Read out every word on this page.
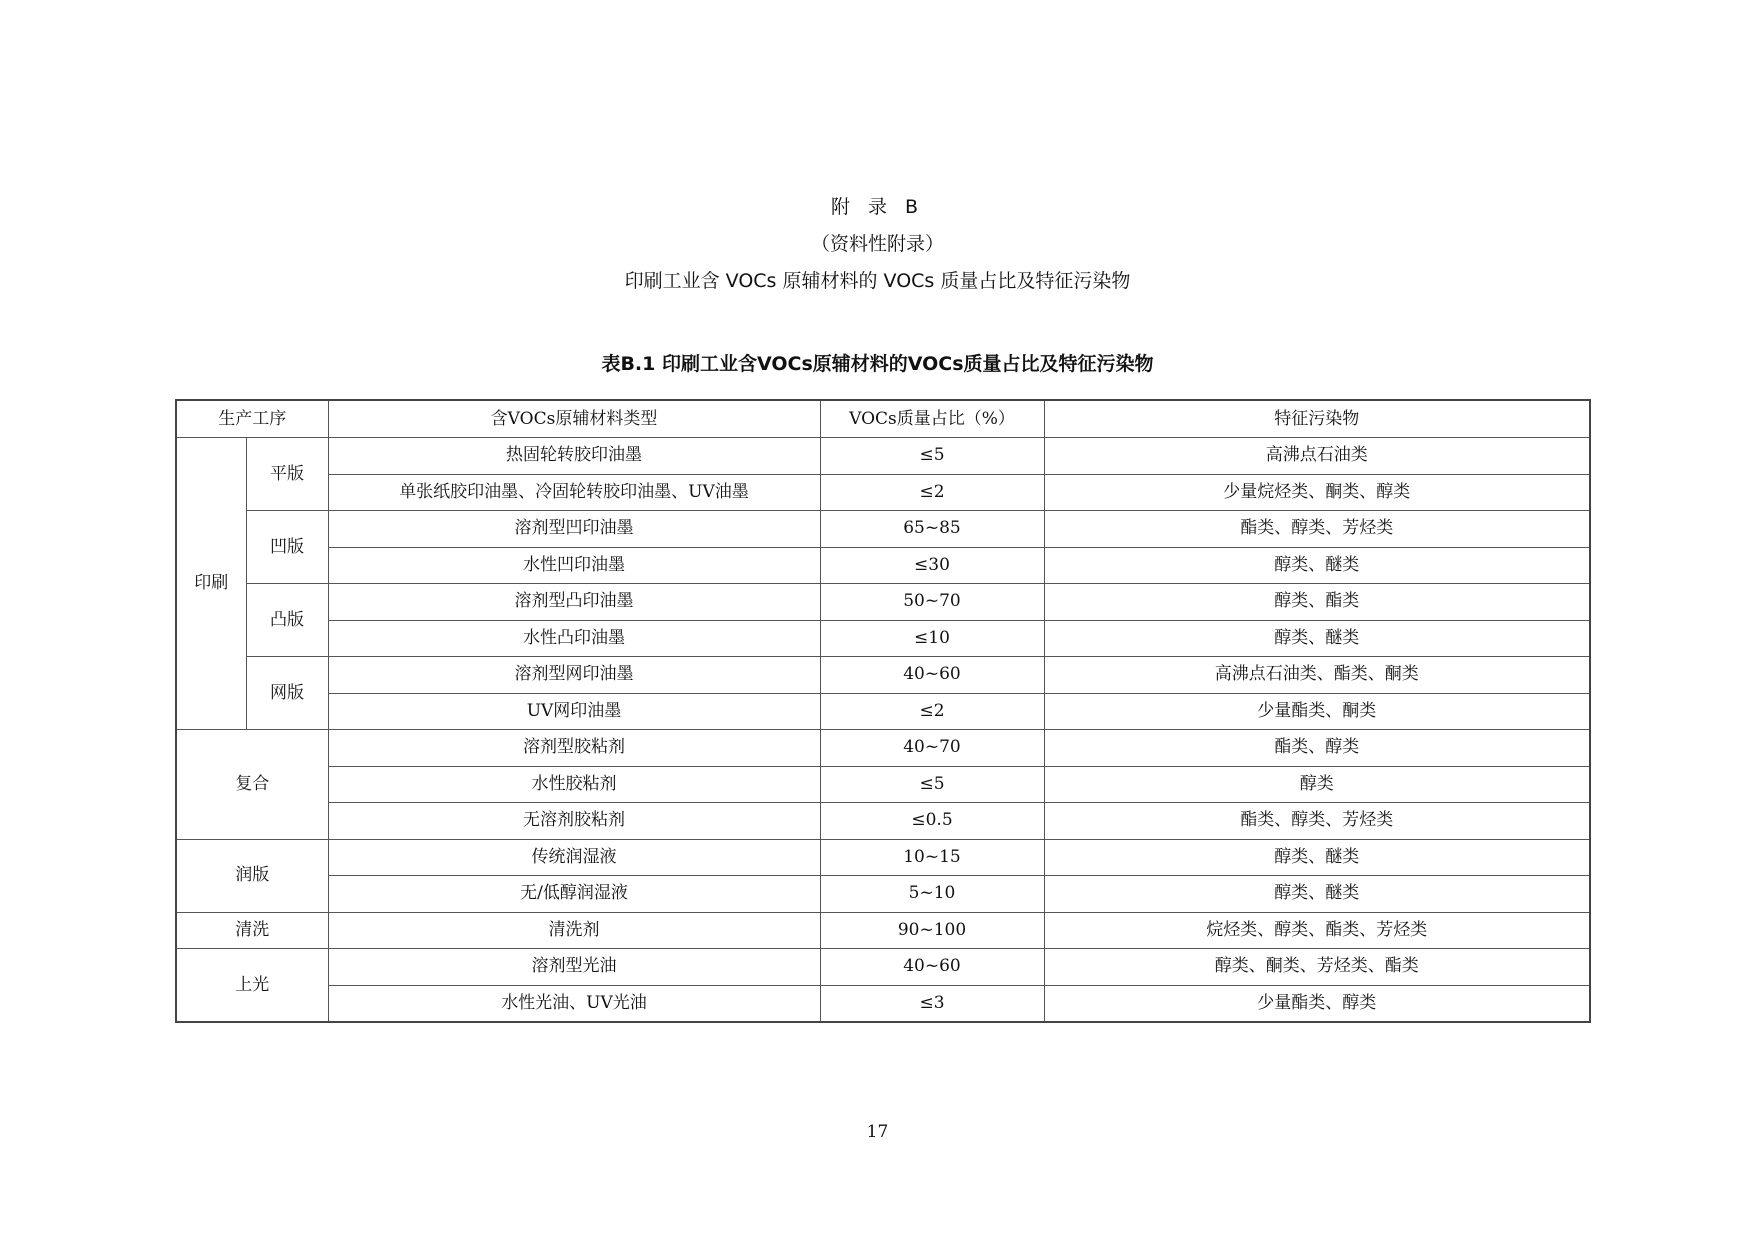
附 录 B
（资料性附录）
印刷工业含 VOCs 原辅材料的 VOCs 质量占比及特征污染物
表B.1 印刷工业含VOCs原辅材料的VOCs质量占比及特征污染物
生产工序		含VOCs原辅材料类型	VOCs质量占比（%）	特征污染物
印刷	平版	热固轮转胶印油墨	≤5	高沸点石油类
		单张纸胶印油墨、冷固轮转胶印油墨、UV油墨	≤2	少量烷烃类、酮类、醇类
	凹版	溶剂型凹印油墨	65~85	酯类、醇类、芳烃类
		水性凹印油墨	≤30	醇类、醚类
	凸版	溶剂型凸印油墨	50~70	醇类、酯类
		水性凸印油墨	≤10	醇类、醚类
	网版	溶剂型网印油墨	40~60	高沸点石油类、酯类、酮类
		UV网印油墨	≤2	少量酯类、酮类
复合		溶剂型胶粘剂	40~70	酯类、醇类
		水性胶粘剂	≤5	醇类
		无溶剂胶粘剂	≤0.5	酯类、醇类、芳烃类
润版		传统润湿液	10~15	醇类、醚类
		无/低醇润湿液	5~10	醇类、醚类
清洗		清洗剂	90~100	烷烃类、醇类、酯类、芳烃类
上光		溶剂型光油	40~60	醇类、酮类、芳烃类、酯类
		水性光油、UV光油	≤3	少量酯类、醇类
17
